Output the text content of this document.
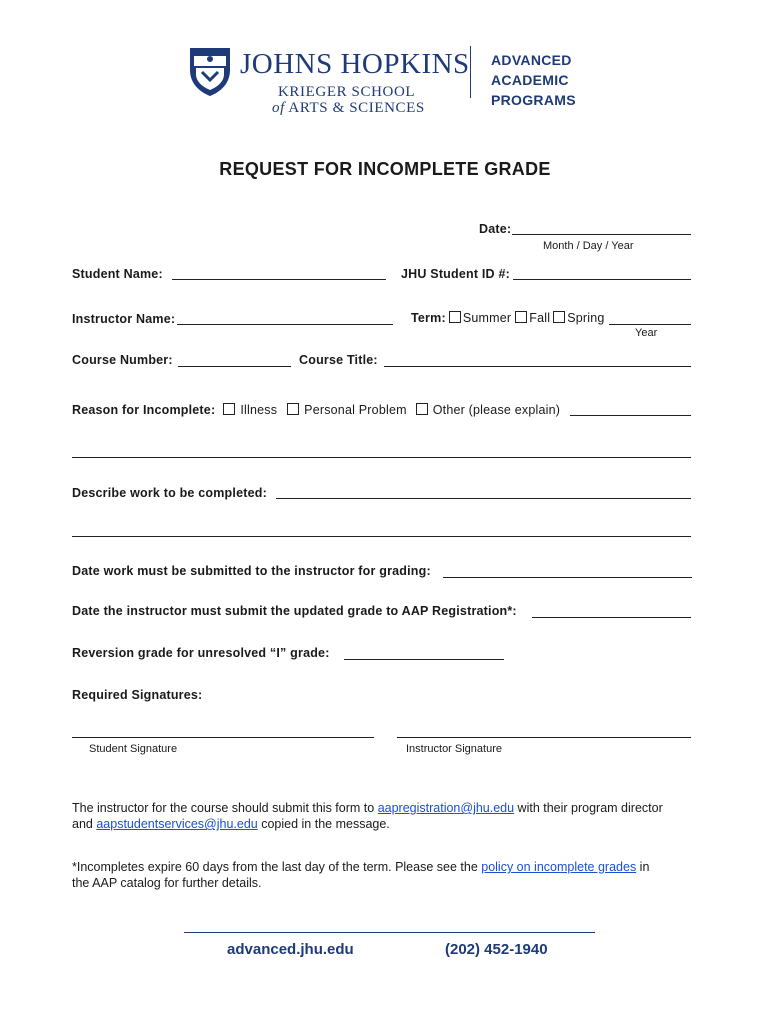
JOHNS HOPKINS
KRIEGER SCHOOL
of ARTS & SCIENCES
ADVANCED
ACADEMIC
PROGRAMS
REQUEST FOR INCOMPLETE GRADE
Date:
Month / Day / Year
Student Name:	JHU Student ID #:
Instructor Name:	Term: Summer Fall Spring
Year
Course Number:	Course Title:
Reason for Incomplete: Illness Personal Problem Other (please explain)
Describe work to be completed:
Date work must be submitted to the instructor for grading:
Date the instructor must submit the updated grade to AAP Registration*:
Reversion grade for unresolved “I” grade:
Required Signatures:
Student Signature	Instructor Signature
The instructor for the course should submit this form to aapregistration@jhu.edu with their program director
and aapstudentservices@jhu.edu copied in the message.
*Incompletes expire 60 days from the last day of the term. Please see the policy on incomplete grades in
the AAP catalog for further details.
advanced.jhu.edu	(202) 452-1940
